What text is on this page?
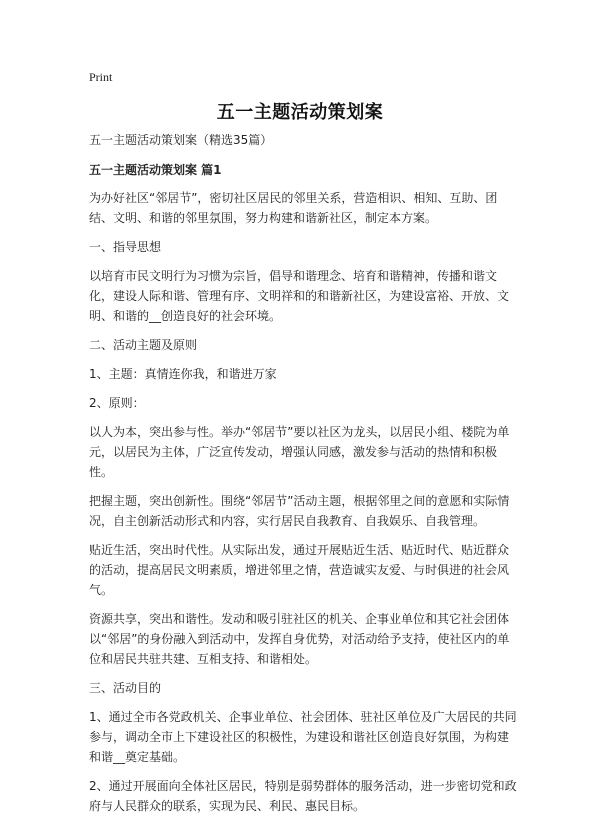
Print
五一主题活动策划案

五一主题活动策划案（精选35篇）

五一主题活动策划案 篇1

为办好社区“邻居节”，密切社区居民的邻里关系，营造相识、相知、互助、团结、文明、和谐的邻里氛围，努力构建和谐新社区，制定本方案。

一、指导思想

以培育市民文明行为习惯为宗旨，倡导和谐理念、培育和谐精神，传播和谐文化，建设人际和谐、管理有序、文明祥和的和谐新社区，为建设富裕、开放、文明、和谐的__创造良好的社会环境。

二、活动主题及原则

1、主题：真情连你我，和谐进万家

2、原则：

以人为本，突出参与性。举办“邻居节”要以社区为龙头，以居民小组、楼院为单元，以居民为主体，广泛宣传发动，增强认同感，激发参与活动的热情和积极性。

把握主题，突出创新性。围绕“邻居节”活动主题，根据邻里之间的意愿和实际情况，自主创新活动形式和内容，实行居民自我教育、自我娱乐、自我管理。

贴近生活，突出时代性。从实际出发，通过开展贴近生活、贴近时代、贴近群众的活动，提高居民文明素质，增进邻里之情，营造诚实友爱、与时俱进的社会风气。

资源共享，突出和谐性。发动和吸引驻社区的机关、企事业单位和其它社会团体以“邻居”的身份融入到活动中，发挥自身优势，对活动给予支持，使社区内的单位和居民共驻共建、互相支持、和谐相处。

三、活动目的

1、通过全市各党政机关、企事业单位、社会团体、驻社区单位及广大居民的共同参与，调动全市上下建设社区的积极性，为建设和谐社区创造良好氛围，为构建和谐__奠定基础。

2、通过开展面向全体社区居民，特别是弱势群体的服务活动，进一步密切党和政府与人民群众的联系，实现为民、利民、惠民目标。
